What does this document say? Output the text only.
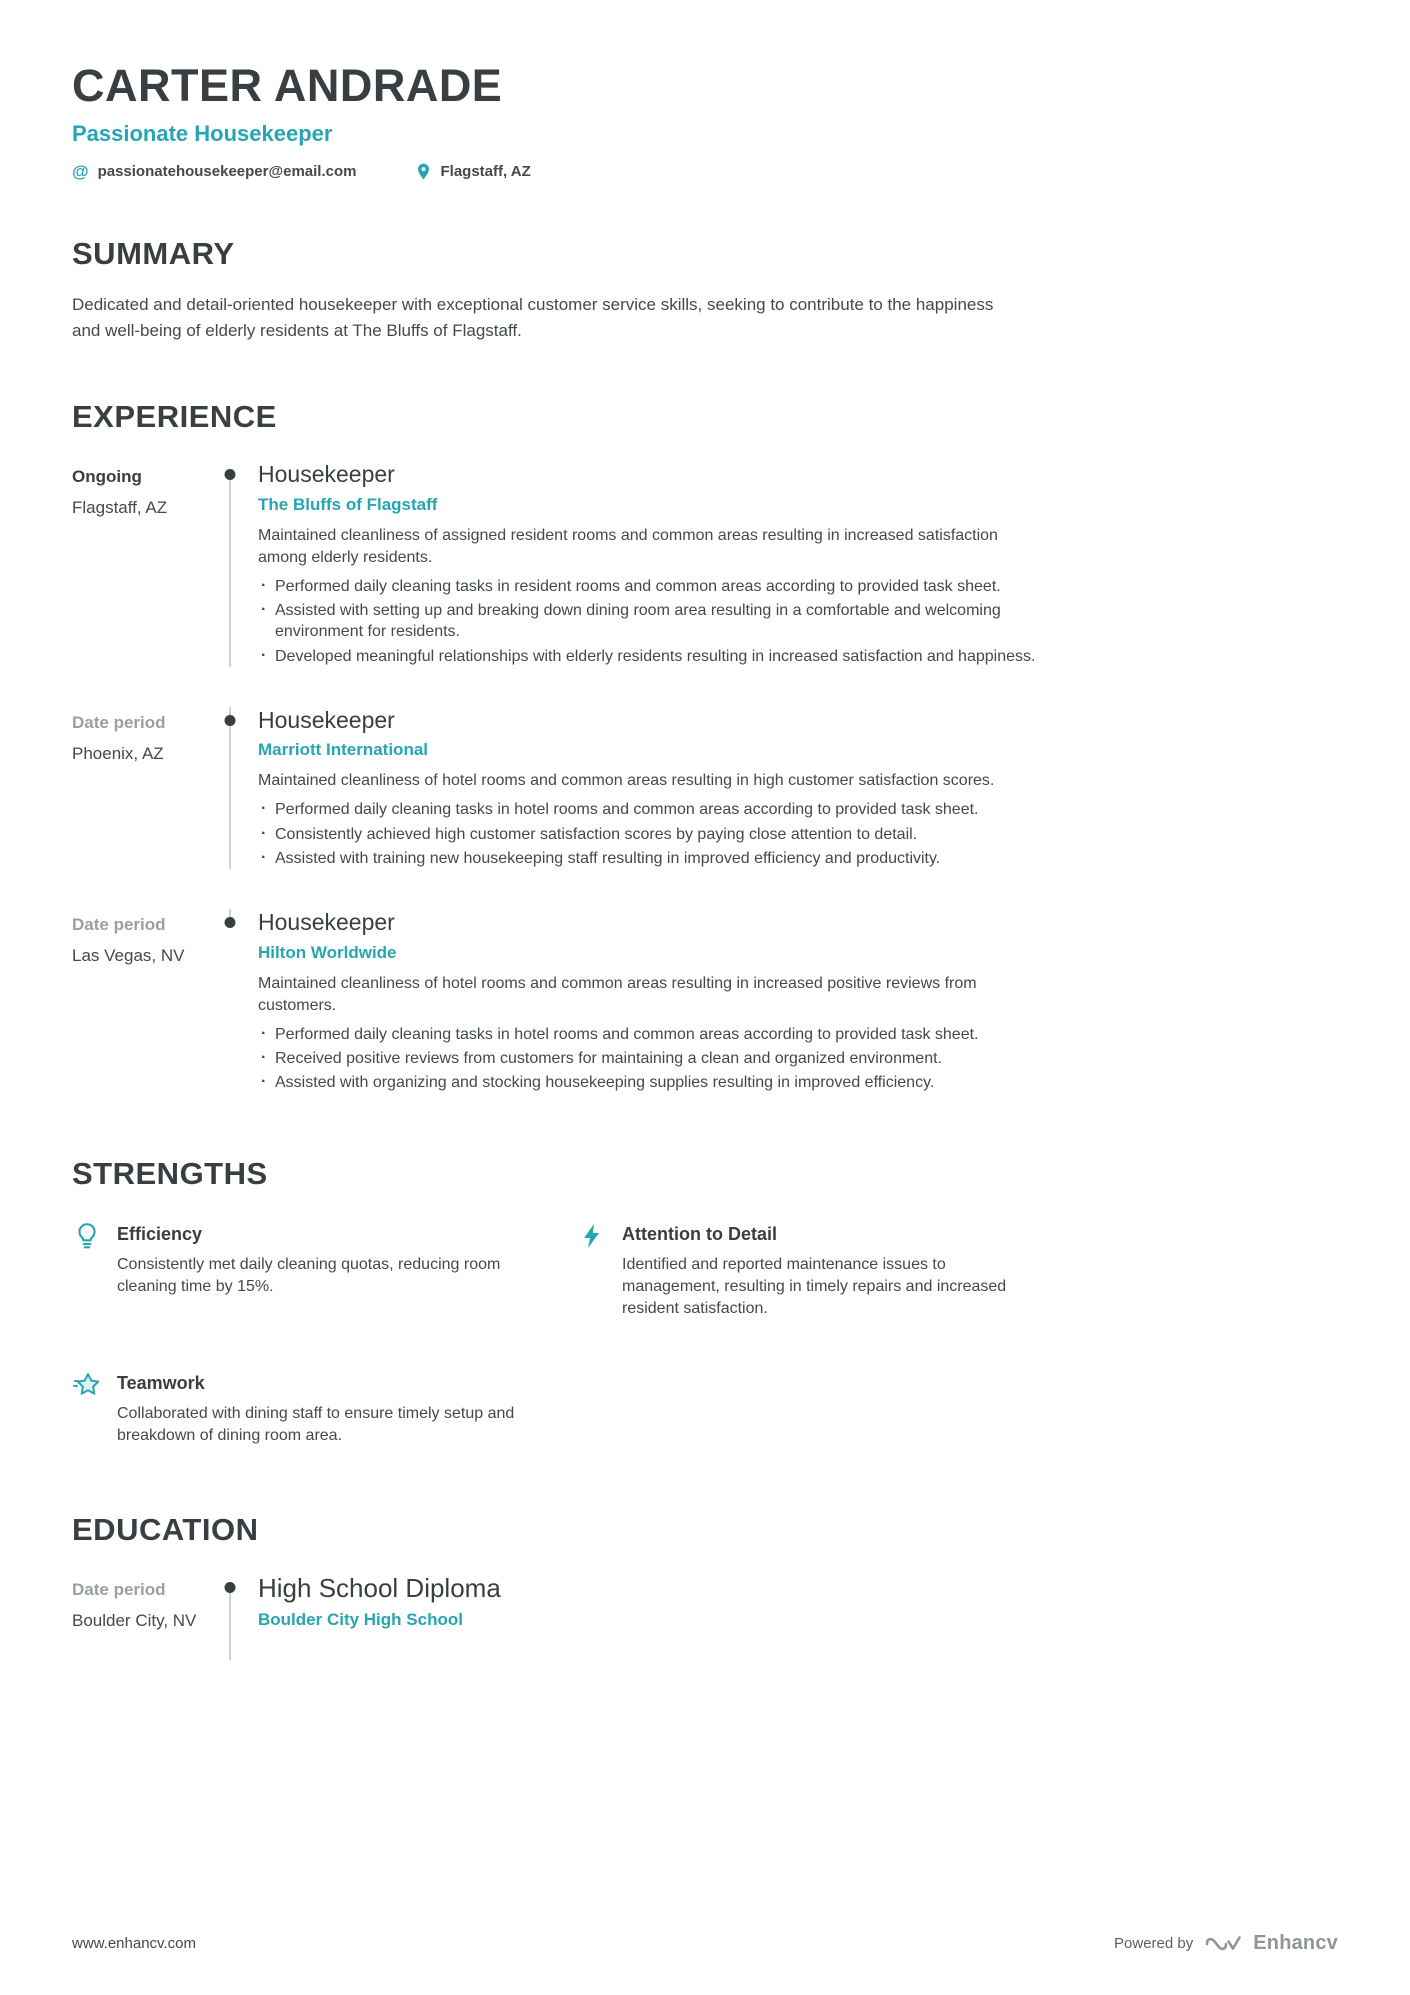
CARTER ANDRADE
Passionate Housekeeper
@ passionatehousekeeper@email.com	Flagstaff, AZ
SUMMARY

Dedicated and detail-oriented housekeeper with exceptional customer service skills, seeking to contribute to the happiness and well-being of elderly residents at The Bluffs of Flagstaff.

EXPERIENCE
Ongoing
Flagstaff, AZ
Housekeeper
The Bluffs of Flagstaff

Maintained cleanliness of assigned resident rooms and common areas resulting in increased satisfaction among elderly residents.

· Performed daily cleaning tasks in resident rooms and common areas according to provided task sheet.
· Assisted with setting up and breaking down dining room area resulting in a comfortable and welcoming environment for residents.
· Developed meaningful relationships with elderly residents resulting in increased satisfaction and happiness.
Date period
Phoenix, AZ
Housekeeper
Marriott International

Maintained cleanliness of hotel rooms and common areas resulting in high customer satisfaction scores.

· Performed daily cleaning tasks in hotel rooms and common areas according to provided task sheet.
· Consistently achieved high customer satisfaction scores by paying close attention to detail.
· Assisted with training new housekeeping staff resulting in improved efficiency and productivity.
Date period
Las Vegas, NV
Housekeeper
Hilton Worldwide

Maintained cleanliness of hotel rooms and common areas resulting in increased positive reviews from customers.

· Performed daily cleaning tasks in hotel rooms and common areas according to provided task sheet.
· Received positive reviews from customers for maintaining a clean and organized environment.
· Assisted with organizing and stocking housekeeping supplies resulting in improved efficiency.
STRENGTHS
Efficiency

Consistently met daily cleaning quotas, reducing room cleaning time by 15%.

Attention to Detail

Identified and reported maintenance issues to management, resulting in timely repairs and increased resident satisfaction.

Teamwork

Collaborated with dining staff to ensure timely setup and breakdown of dining room area.

EDUCATION
Date period
Boulder City, NV
High School Diploma
Boulder City High School
www.enhancv.com	Powered by	Enhancv
